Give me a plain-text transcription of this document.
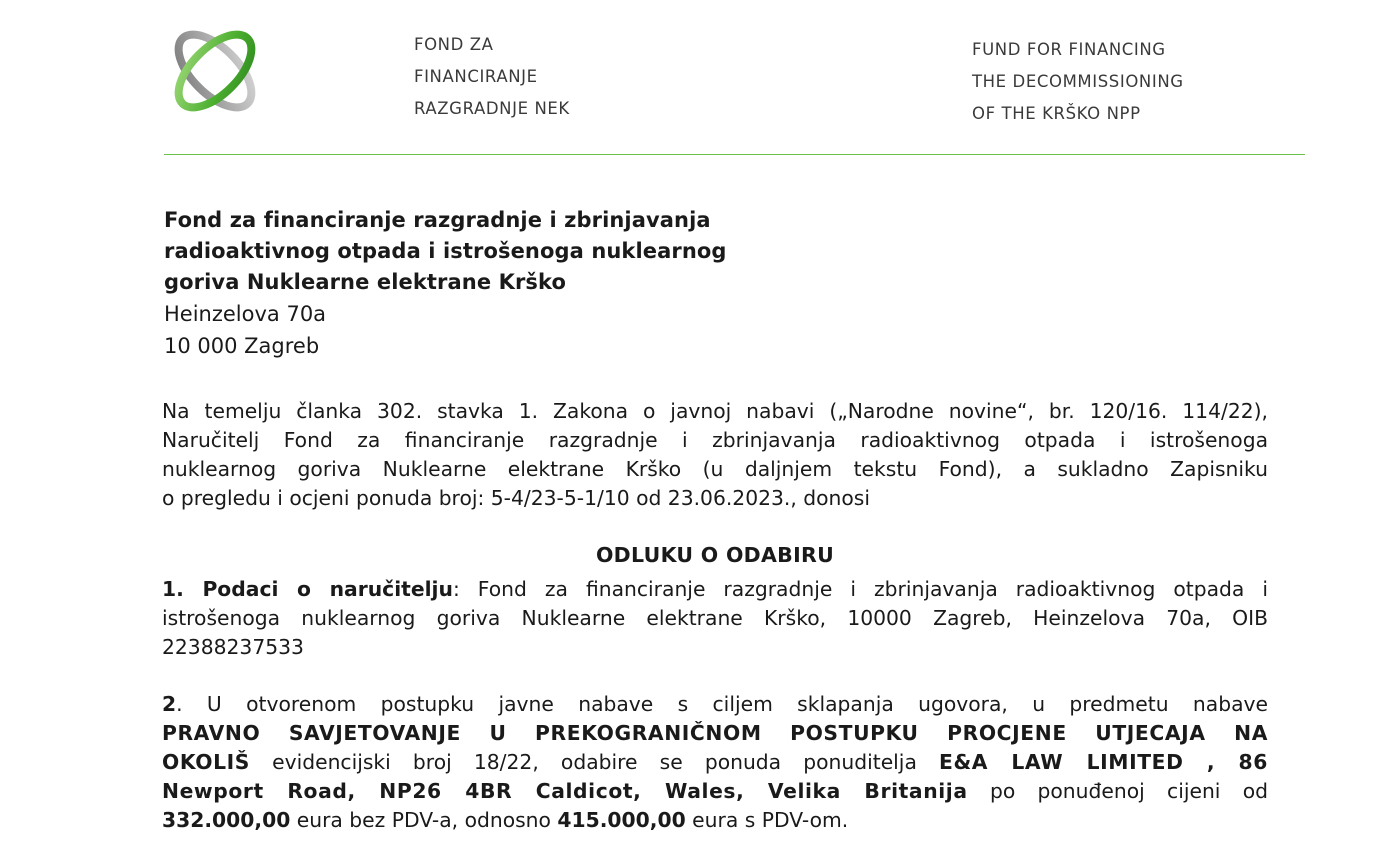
FOND ZA
FINANCIRANJE
RAZGRADNJE NEK
FUND FOR FINANCING
THE DECOMMISSIONING
OF THE KRŠKO NPP
Fond za financiranje razgradnje i zbrinjavanja
radioaktivnog otpada i istrošenoga nuklearnog
goriva Nuklearne elektrane Krško
Heinzelova 70a
10 000 Zagreb
Na temelju članka 302. stavka 1. Zakona o javnoj nabavi („Narodne novine“, br. 120/16. 114/22),
Naručitelj Fond za financiranje razgradnje i zbrinjavanja radioaktivnog otpada i istrošenoga
nuklearnog goriva Nuklearne elektrane Krško (u daljnjem tekstu Fond), a sukladno Zapisniku
o pregledu i ocjeni ponuda broj: 5-4/23-5-1/10 od 23.06.2023., donosi
ODLUKU O ODABIRU
1. Podaci o naručitelju: Fond za financiranje razgradnje i zbrinjavanja radioaktivnog otpada i
istrošenoga nuklearnog goriva Nuklearne elektrane Krško, 10000 Zagreb, Heinzelova 70a, OIB
22388237533
2. U otvorenom postupku javne nabave s ciljem sklapanja ugovora, u predmetu nabave
PRAVNO SAVJETOVANJE U PREKOGRANIČNOM POSTUPKU PROCJENE UTJECAJA NA
OKOLIŠ evidencijski broj 18/22, odabire se ponuda ponuditelja E&A LAW LIMITED , 86
Newport Road, NP26 4BR Caldicot, Wales, Velika Britanija po ponuđenoj cijeni od
332.000,00 eura bez PDV-a, odnosno 415.000,00 eura s PDV-om.
